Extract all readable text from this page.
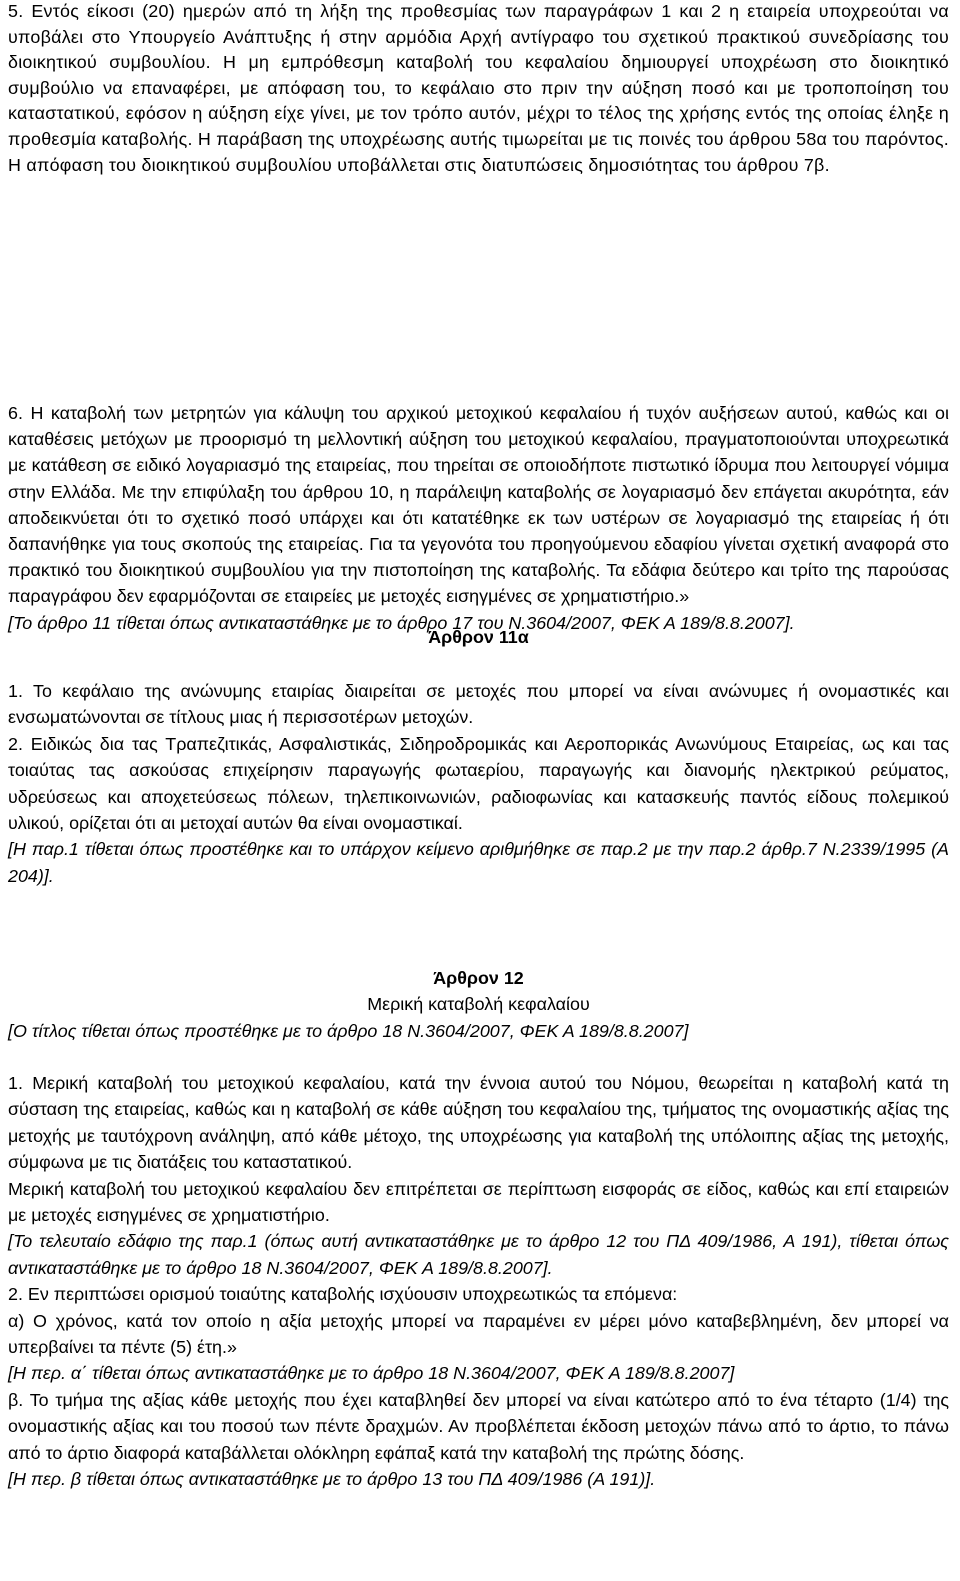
5. Εντός είκοσι (20) ημερών από τη λήξη της προθεσμίας των παραγράφων 1 και 2 η εταιρεία υποχρεούται να υποβάλει στο Υπουργείο Ανάπτυξης ή στην αρμόδια Αρχή αντίγραφο του σχετικού πρακτικού συνεδρίασης του διοικητικού συμβουλίου. Η μη εμπρόθεσμη καταβολή του κεφαλαίου δημιουργεί υποχρέωση στο διοικητικό συμβούλιο να επαναφέρει, με απόφαση του, το κεφάλαιο στο πριν την αύξηση ποσό και με τροποποίηση του καταστατικού, εφόσον η αύξηση είχε γίνει, με τον τρόπο αυτόν, μέχρι το τέλος της χρήσης εντός της οποίας έληξε η προθεσμία καταβολής. Η παράβαση της υποχρέωσης αυτής τιμωρείται με τις ποινές του άρθρου 58α του παρόντος. Η απόφαση του διοικητικού συμβουλίου υποβάλλεται στις διατυπώσεις δημοσιότητας του άρθρου 7β.

6. Η καταβολή των μετρητών για κάλυψη του αρχικού μετοχικού κεφαλαίου ή τυχόν αυξήσεων αυτού, καθώς και οι καταθέσεις μετόχων με προορισμό τη μελλοντική αύξηση του μετοχικού κεφαλαίου, πραγματοποιούνται υποχρεωτικά με κατάθεση σε ειδικό λογαριασμό της εταιρείας, που τηρείται σε οποιοδήποτε πιστωτικό ίδρυμα που λειτουργεί νόμιμα στην Ελλάδα. Με την επιφύλαξη του άρθρου 10, η παράλειψη καταβολής σε λογαριασμό δεν επάγεται ακυρότητα, εάν αποδεικνύεται ότι το σχετικό ποσό υπάρχει και ότι κατατέθηκε εκ των υστέρων σε λογαριασμό της εταιρείας ή ότι δαπανήθηκε για τους σκοπούς της εταιρείας. Για τα γεγονότα του προηγούμενου εδαφίου γίνεται σχετική αναφορά στο πρακτικό του διοικητικού συμβουλίου για την πιστοποίηση της καταβολής. Τα εδάφια δεύτερο και τρίτο της παρούσας παραγράφου δεν εφαρμόζονται σε εταιρείες με μετοχές εισηγμένες σε χρηματιστήριο.»

[Το άρθρο 11 τίθεται όπως αντικαταστάθηκε με το άρθρο 17 του Ν.3604/2007, ΦΕΚ Α 189/8.8.2007].

Άρθρον 11α

1. Το κεφάλαιο της ανώνυμης εταιρίας διαιρείται σε μετοχές που μπορεί να είναι ανώνυμες ή ονομαστικές και ενσωματώνονται σε τίτλους μιας ή περισσοτέρων μετοχών.

2. Ειδικώς δια τας Τραπεζιτικάς, Ασφαλιστικάς, Σιδηροδρομικάς και Αεροπορικάς Ανωνύμους Εταιρείας, ως και τας τοιαύτας τας ασκούσας επιχείρησιν παραγωγής φωταερίου, παραγωγής και διανομής ηλεκτρικού ρεύματος, υδρεύσεως και αποχετεύσεως πόλεων, τηλεπικοινωνιών, ραδιοφωνίας και κατασκευής παντός είδους πολεμικού υλικού, ορίζεται ότι αι μετοχαί αυτών θα είναι ονομαστικαί.

[Η παρ.1 τίθεται όπως προστέθηκε και το υπάρχον κείμενο αριθμήθηκε σε παρ.2 με την παρ.2 άρθρ.7 Ν.2339/1995 (Α 204)].

Άρθρον 12
Μερική καταβολή κεφαλαίου
[Ο τίτλος τίθεται όπως προστέθηκε με το άρθρο 18 Ν.3604/2007, ΦΕΚ Α 189/8.8.2007]

1. Μερική καταβολή του μετοχικού κεφαλαίου, κατά την έννοια αυτού του Νόμου, θεωρείται η καταβολή κατά τη σύσταση της εταιρείας, καθώς και η καταβολή σε κάθε αύξηση του κεφαλαίου της, τμήματος της ονομαστικής αξίας της μετοχής με ταυτόχρονη ανάληψη, από κάθε μέτοχο, της υποχρέωσης για καταβολή της υπόλοιπης αξίας της μετοχής, σύμφωνα με τις διατάξεις του καταστατικού.

Μερική καταβολή του μετοχικού κεφαλαίου δεν επιτρέπεται σε περίπτωση εισφοράς σε είδος, καθώς και επί εταιρειών με μετοχές εισηγμένες σε χρηματιστήριο.

[Το τελευταίο εδάφιο της παρ.1 (όπως αυτή αντικαταστάθηκε με το άρθρο 12 του ΠΔ 409/1986, Α 191), τίθεται όπως αντικαταστάθηκε με το άρθρο 18 Ν.3604/2007, ΦΕΚ Α 189/8.8.2007].

2. Εν περιπτώσει ορισμού τοιαύτης καταβολής ισχύουσιν υποχρεωτικώς τα επόμενα:

α) Ο χρόνος, κατά τον οποίο η αξία μετοχής μπορεί να παραμένει εν μέρει μόνο καταβεβλημένη, δεν μπορεί να υπερβαίνει τα πέντε (5) έτη.»

[Η περ. α΄ τίθεται όπως αντικαταστάθηκε με το άρθρο 18 Ν.3604/2007, ΦΕΚ Α 189/8.8.2007]

β. Το τμήμα της αξίας κάθε μετοχής που έχει καταβληθεί δεν μπορεί να είναι κατώτερο από το ένα τέταρτο (1/4) της ονομαστικής αξίας και του ποσού των πέντε δραχμών. Αν προβλέπεται έκδοση μετοχών πάνω από το άρτιο, το πάνω από το άρτιο διαφορά καταβάλλεται ολόκληρη εφάπαξ κατά την καταβολή της πρώτης δόσης.

[Η περ. β τίθεται όπως αντικαταστάθηκε με το άρθρο 13 του ΠΔ 409/1986 (Α 191)].
